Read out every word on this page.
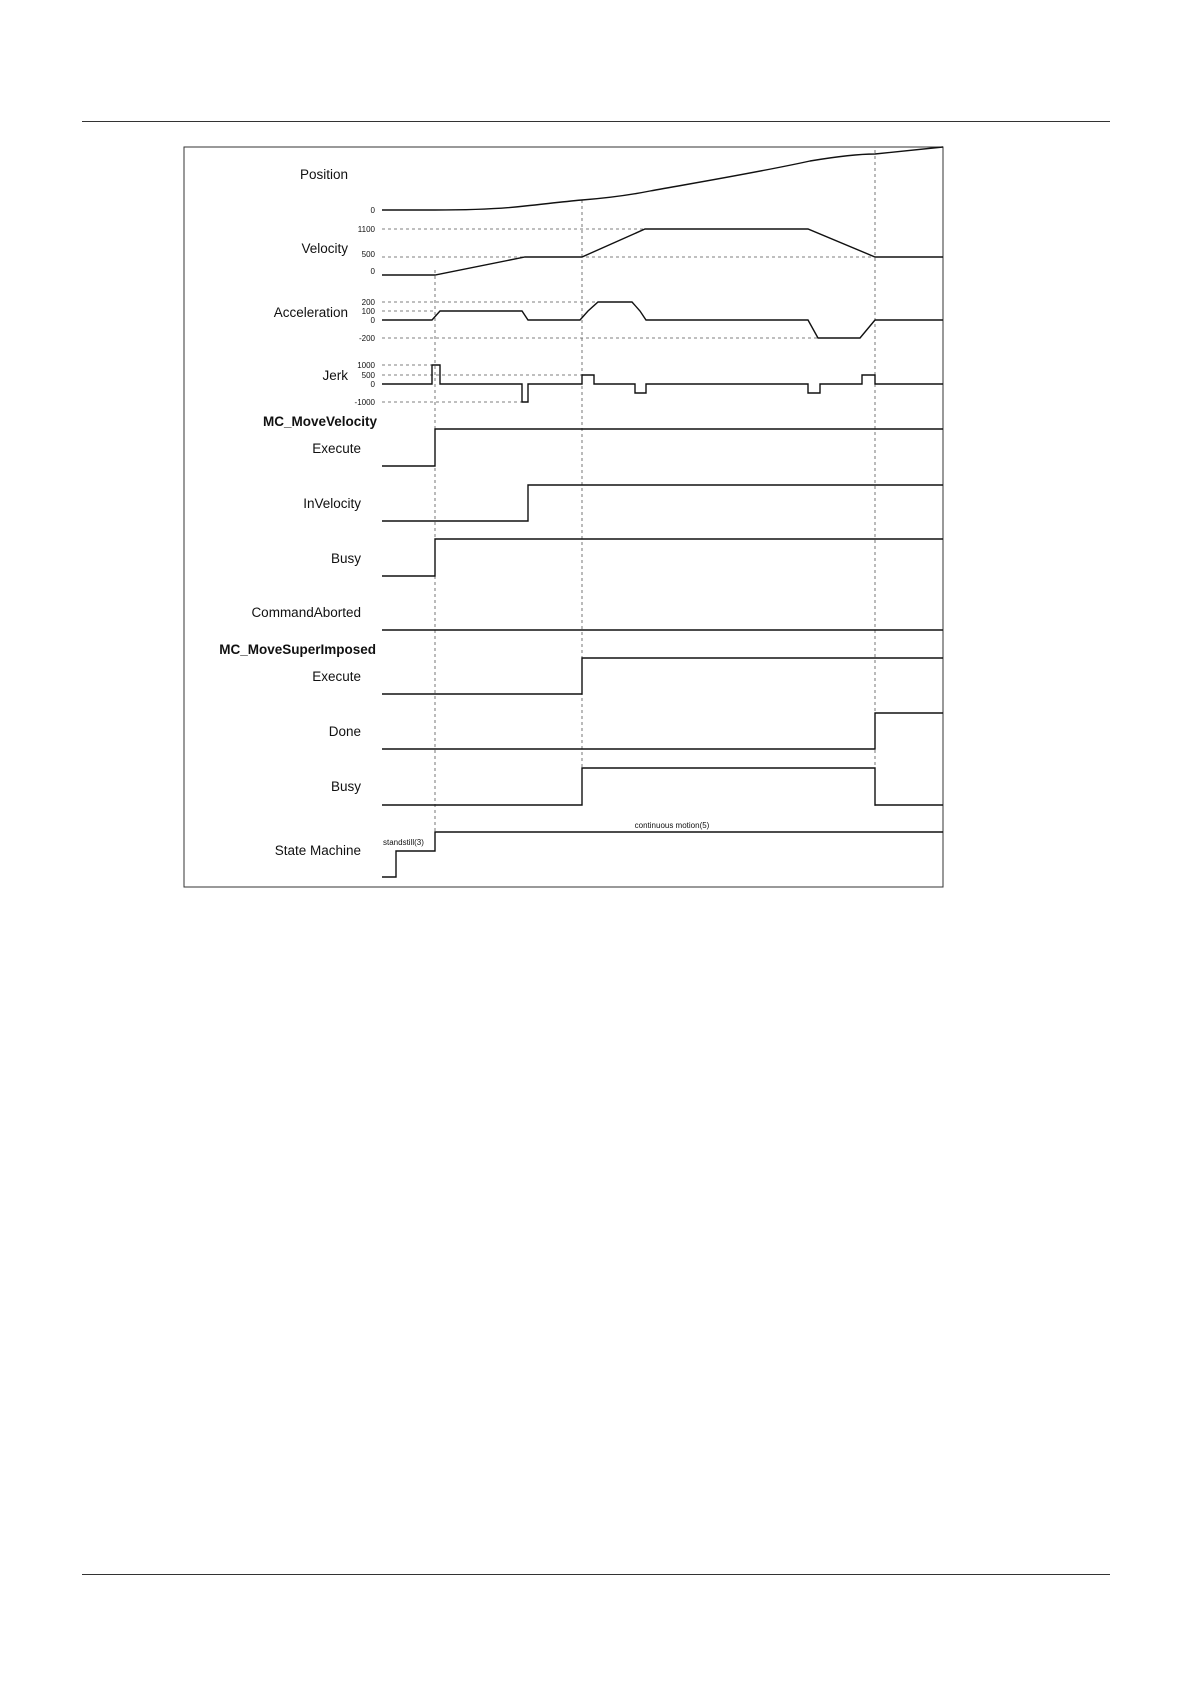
Position
Velocity
Acceleration
Jerk
MC_MoveVelocity
Execute
InVelocity
Busy
CommandAborted
MC_MoveSuperImposed
Execute
Done
Busy
State Machine
0
1100
500
0
200
100
0
-200
1000
500
0
-1000
standstill(3)
continuous motion(5)
